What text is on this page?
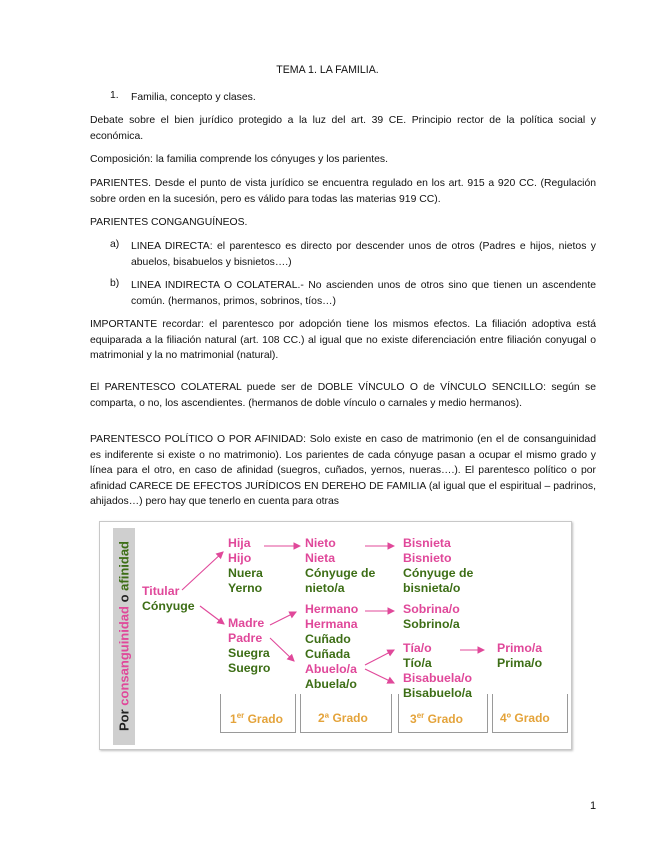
TEMA 1. LA FAMILIA.
1. Familia, concepto y clases.
Debate sobre el bien jurídico protegido a la luz del art. 39 CE. Principio rector de la política social y económica.
Composición: la familia comprende los cónyuges y los parientes.
PARIENTES. Desde el punto de vista jurídico se encuentra regulado en los art. 915 a 920 CC. (Regulación sobre orden en la sucesión, pero es válido para todas las materias 919 CC).
PARIENTES CONGANGUÍNEOS.
a) LINEA DIRECTA: el parentesco es directo por descender unos de otros (Padres e hijos, nietos y abuelos, bisabuelos y bisnietos….)
b) LINEA INDIRECTA O COLATERAL.- No ascienden unos de otros sino que tienen un ascendente común. (hermanos, primos, sobrinos, tíos…)
IMPORTANTE recordar: el parentesco por adopción tiene los mismos efectos. La filiación adoptiva está equiparada a la filiación natural (art. 108 CC.) al igual que no existe diferenciación entre filiación conyugal o matrimonial y la no matrimonial (natural).
El PARENTESCO COLATERAL puede ser de DOBLE VÍNCULO O de VÍNCULO SENCILLO: según se comparta, o no, los ascendientes. (hermanos de doble vínculo o carnales y medio hermanos).
PARENTESCO POLÍTICO O POR AFINIDAD: Solo existe en caso de matrimonio (en el de consanguinidad es indiferente si existe o no matrimonio). Los parientes de cada cónyuge pasan a ocupar el mismo grado y línea para el otro, en caso de afinidad (suegros, cuñados, yernos, nueras….). El parentesco político o por afinidad CARECE DE EFECTOS JURÍDICOS EN DEREHO DE FAMILIA (al igual que el espiritual – padrinos, ahijados…) pero hay que tenerlo en cuenta para otras
Por consanguinidad o afinidad
Titular
Cónyuge
Hija
Hijo
Nuera
Yerno
Madre
Padre
Suegra
Suegro
Nieto
Nieta
Cónyuge de
nieto/a
Hermano
Hermana
Cuñado
Cuñada
Abuelo/a
Abuela/o
Bisnieta
Bisnieto
Cónyuge de
bisnieta/o
Sobrina/o
Sobrino/a
Tía/o
Tío/a
Bisabuela/o
Bisabuelo/a
Primo/a
Prima/o
1er Grado	2ª Grado	3er Grado	4º Grado
1
